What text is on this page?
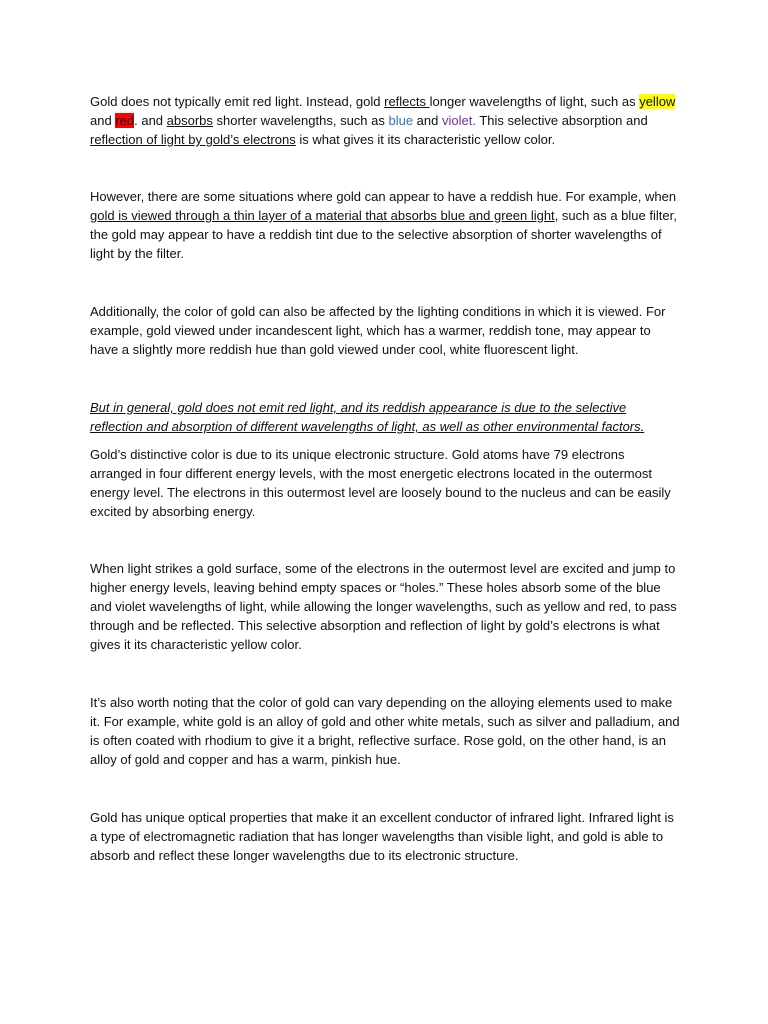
Gold does not typically emit red light. Instead, gold reflects longer wavelengths of light, such as yellow and red. and absorbs shorter wavelengths, such as blue and violet. This selective absorption and reflection of light by gold’s electrons is what gives it its characteristic yellow color.

However, there are some situations where gold can appear to have a reddish hue. For example, when gold is viewed through a thin layer of a material that absorbs blue and green light, such as a blue filter, the gold may appear to have a reddish tint due to the selective absorption of shorter wavelengths of light by the filter.

Additionally, the color of gold can also be affected by the lighting conditions in which it is viewed. For example, gold viewed under incandescent light, which has a warmer, reddish tone, may appear to have a slightly more reddish hue than gold viewed under cool, white fluorescent light.

But in general, gold does not emit red light, and its reddish appearance is due to the selective reflection and absorption of different wavelengths of light, as well as other environmental factors.

Gold’s distinctive color is due to its unique electronic structure. Gold atoms have 79 electrons arranged in four different energy levels, with the most energetic electrons located in the outermost energy level. The electrons in this outermost level are loosely bound to the nucleus and can be easily excited by absorbing energy.

When light strikes a gold surface, some of the electrons in the outermost level are excited and jump to higher energy levels, leaving behind empty spaces or “holes.” These holes absorb some of the blue and violet wavelengths of light, while allowing the longer wavelengths, such as yellow and red, to pass through and be reflected. This selective absorption and reflection of light by gold’s electrons is what gives it its characteristic yellow color.

It’s also worth noting that the color of gold can vary depending on the alloying elements used to make it. For example, white gold is an alloy of gold and other white metals, such as silver and palladium, and is often coated with rhodium to give it a bright, reflective surface. Rose gold, on the other hand, is an alloy of gold and copper and has a warm, pinkish hue.

Gold has unique optical properties that make it an excellent conductor of infrared light. Infrared light is a type of electromagnetic radiation that has longer wavelengths than visible light, and gold is able to absorb and reflect these longer wavelengths due to its electronic structure.
